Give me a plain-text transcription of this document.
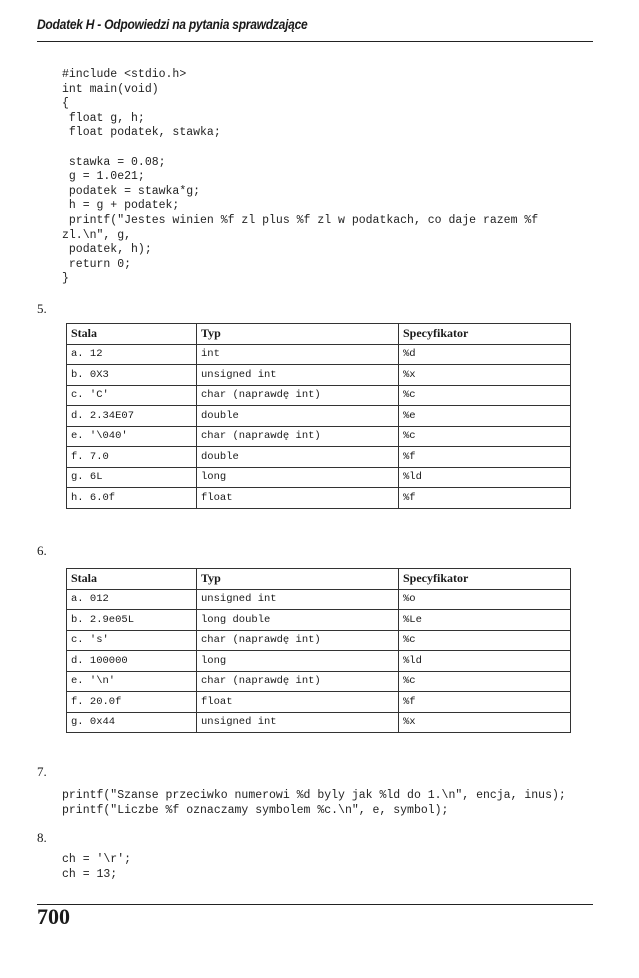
Dodatek H - Odpowiedzi na pytania sprawdzające
#include <stdio.h>
int main(void)
{
float g, h;
float podatek, stawka;

stawka = 0.08;
g = 1.0e21;
podatek = stawka*g;
h = g + podatek;
printf("Jestes winien %f zl plus %f zl w podatkach, co daje razem %f
zl.\n", g,
podatek, h);
return 0;
}
5.
Stala	Typ	Specyfikator
a. 12	int	%d
b. 0X3	unsigned int	%x
c. 'C'	char (naprawdę int)	%c
d. 2.34E07	double	%e
e. '\040'	char (naprawdę int)	%c
f. 7.0	double	%f
g. 6L	long	%ld
h. 6.0f	float	%f
6.
Stala	Typ	Specyfikator
a. 012	unsigned int	%o
b. 2.9e05L	long double	%Le
c. 's'	char (naprawdę int)	%c
d. 100000	long	%ld
e. '\n'	char (naprawdę int)	%c
f. 20.0f	float	%f
g. 0x44	unsigned int	%x
7.
printf("Szanse przeciwko numerowi %d byly jak %ld do 1.\n", encja, inus);
printf("Liczbe %f oznaczamy symbolem %c.\n", e, symbol);
8.
ch = '\r';
ch = 13;
700
